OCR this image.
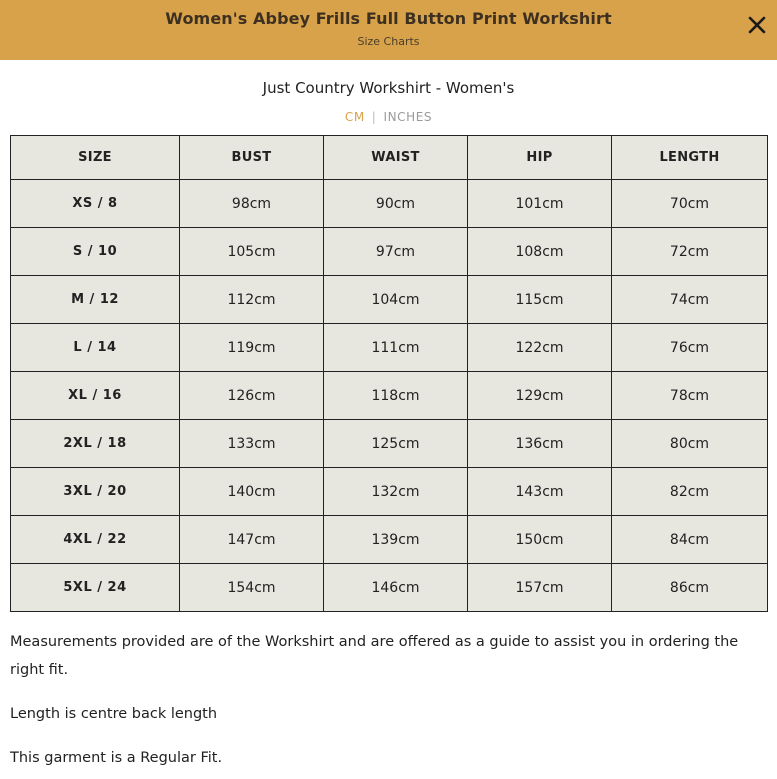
Women's Abbey Frills Full Button Print Workshirt
Size Charts
Just Country Workshirt - Women's
CM | INCHES
SIZE	BUST	WAIST	HIP	LENGTH
XS / 8	98cm	90cm	101cm	70cm
S / 10	105cm	97cm	108cm	72cm
M / 12	112cm	104cm	115cm	74cm
L / 14	119cm	111cm	122cm	76cm
XL / 16	126cm	118cm	129cm	78cm
2XL / 18	133cm	125cm	136cm	80cm
3XL / 20	140cm	132cm	143cm	82cm
4XL / 22	147cm	139cm	150cm	84cm
5XL / 24	154cm	146cm	157cm	86cm
Measurements provided are of the Workshirt and are offered as a guide to assist you in ordering the right fit.
Length is centre back length
This garment is a Regular Fit.
